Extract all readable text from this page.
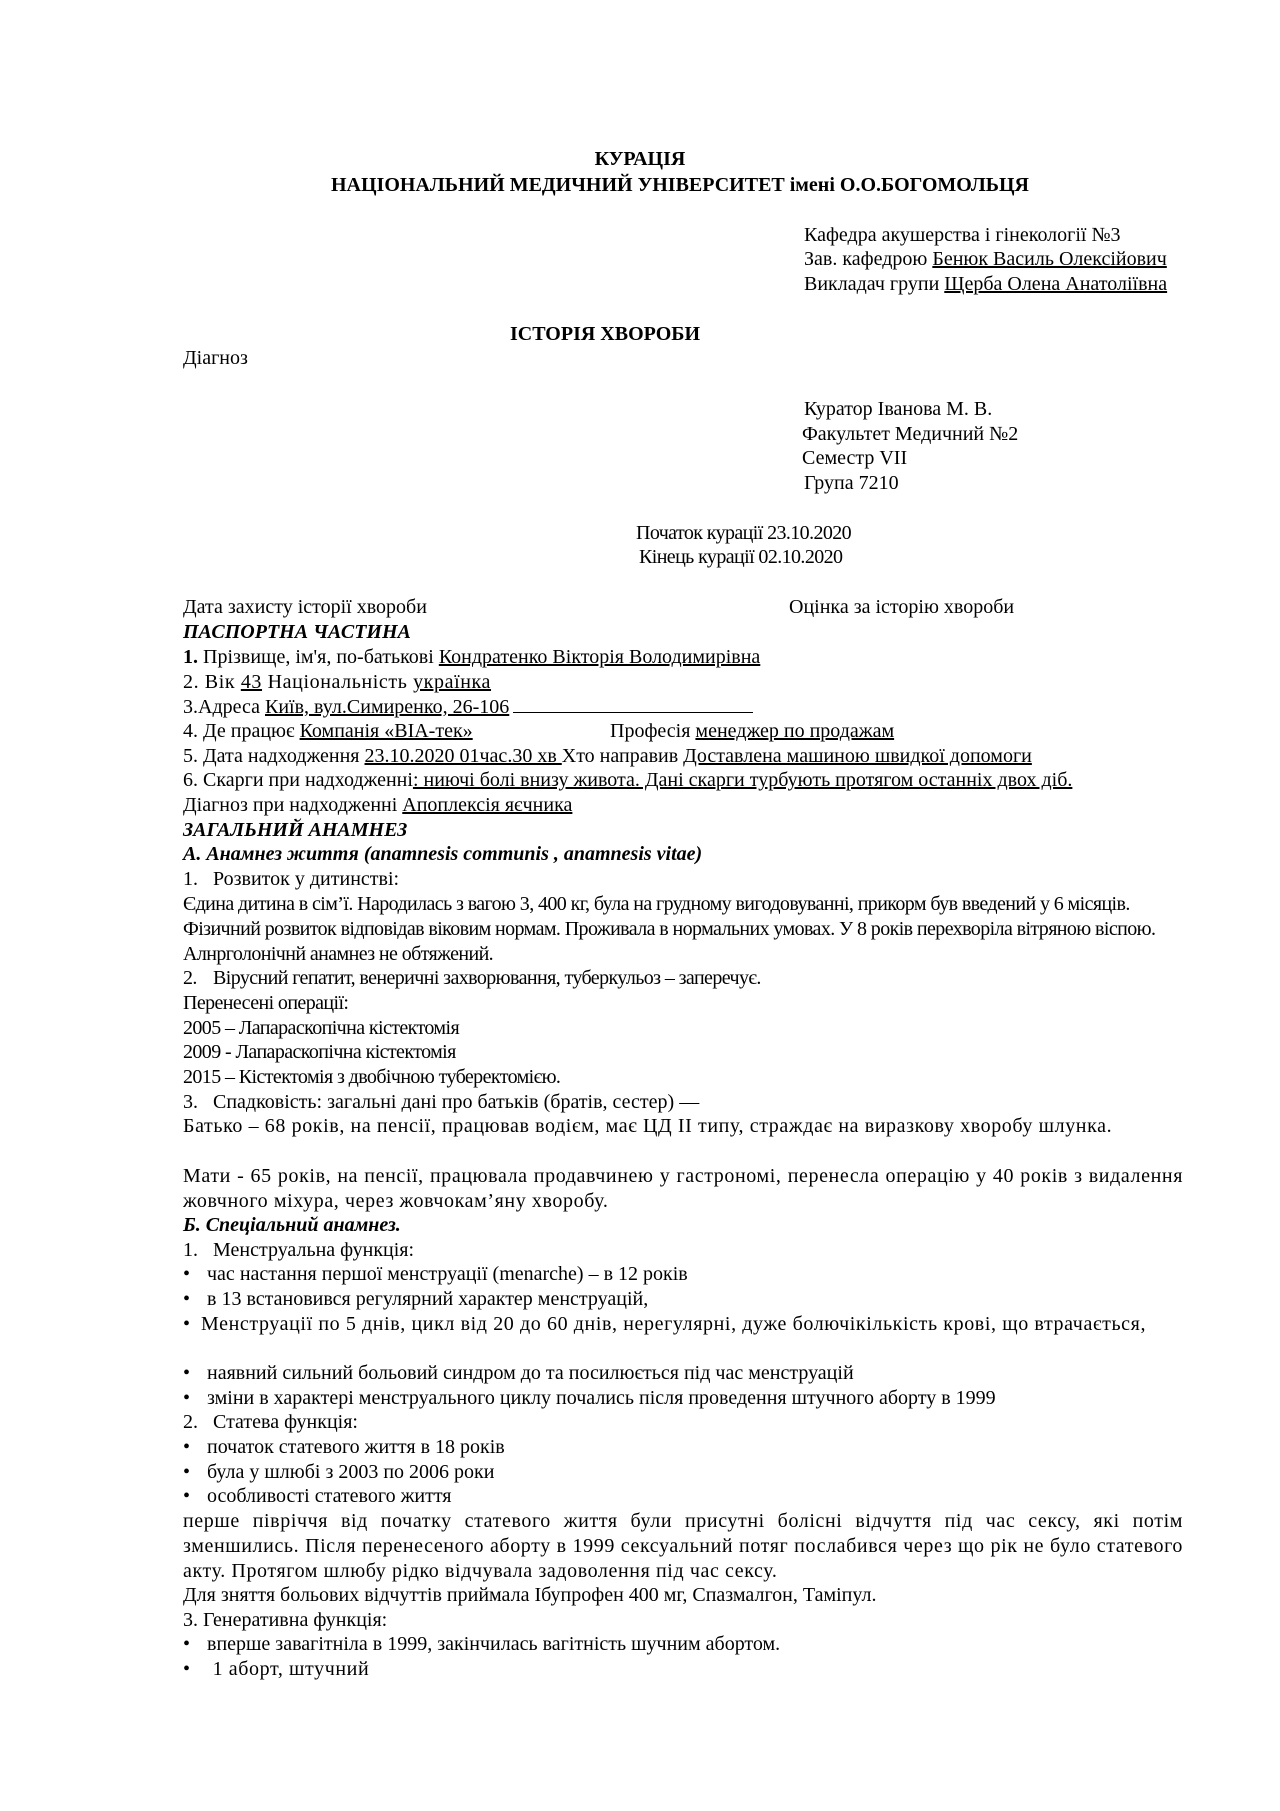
КУРАЦІЯ
НАЦІОНАЛЬНИЙ МЕДИЧНИЙ УНІВЕРСИТЕТ імені О.О.БОГОМОЛЬЦЯ
Кафедра акушерства і гінекології №3
Зав. кафедрою Бенюк Василь Олексійович
Викладач групи Щерба Олена Анатоліївна
ІСТОРІЯ ХВОРОБИ
Діагноз
Куратор Іванова М. В.
Факультет Медичний №2
Семестр VII
Група 7210
Початок курації 23.10.2020
Кінець курації 02.10.2020
Дата захисту історії хвороби	Оцінка за історію хвороби
ПАСПОРТНА ЧАСТИНА
1. Прізвище, ім'я, по-батькові Кондратенко Вікторія Володимирівна
2. Вік 43 Національність українка
3.Адреса Київ, вул.Симиренко, 26-106
4. Де працює Компанія «ВІА-тек»	Професія менеджер по продажам
5. Дата надходження 23.10.2020 01час.30 хв Хто направив Доставлена машиною швидкої допомоги
6. Скарги при надходженні: ниючі болі внизу живота. Дані скарги турбують протягом останніх двох діб.
Діагноз при надходженні Апоплексія яєчника
ЗАГАЛЬНИЙ АНАМНЕЗ
А. Анамнез життя (anamnesis communis , anamnesis vitae)
1. Розвиток у дитинстві:
Єдина дитина в сім’ї. Народилась з вагою 3, 400 кг, була на грудному вигодовуванні, прикорм був введений у 6 місяців. Фізичний розвиток відповідав віковим нормам. Проживала в нормальних умовах. У 8 років перехворіла вітряною віспою. Алнрголонічнй анамнез не обтяжений.
2. Вірусний гепатит, венеричні захворювання, туберкульоз – заперечує.
Перенесені операції:
2005 – Лапараскопічна кістектомія
2009 - Лапараскопічна кістектомія
2015 – Кістектомія з двобічною туберектомією.
3. Спадковість: загальні дані про батьків (братів, сестер) —
Батько – 68 років, на пенсії, працював водієм, має ЦД ІІ типу, страждає на виразкову хворобу шлунка.
Мати - 65 років, на пенсії, працювала продавчинею у гастрономі, перенесла операцію у 40 років з видалення жовчного міхура, через жовчокам’яну хворобу.
Б. Спеціальний анамнез.
1. Менструальна функція:
• час настання першої менструації (menarche) – в 12 років
• в 13 встановився регулярний характер менструацій,
• Менструації по 5 днів, цикл від 20 до 60 днів, нерегулярні, дуже болючікількість крові, що втрачається,
• наявний сильний больовий синдром до та посилюється під час менструацій
• зміни в характері менструального циклу почались після проведення штучного аборту в 1999
2. Статева функція:
• початок статевого життя в 18 років
• була у шлюбі з 2003 по 2006 роки
• особливості статевого життя
перше півріччя від початку статевого життя були присутні болісні відчуття під час сексу, які потім зменшились. Після перенесеного аборту в 1999 сексуальний потяг послабився через що рік не було статевого акту. Протягом шлюбу рідко відчувала задоволення під час сексу.
Для зняття больових відчуттів приймала Ібупрофен 400 мг, Спазмалгон, Таміпул.
3. Генеративна функція:
• вперше завагітніла в 1999, закінчилась вагітність шучним абортом.
• 1 аборт, штучний
